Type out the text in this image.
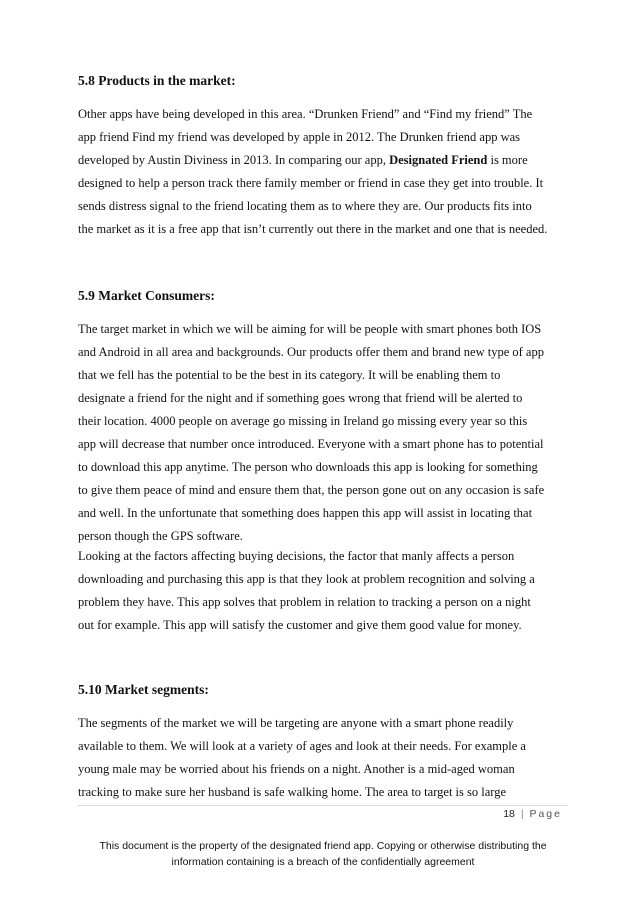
5.8 Products in the market:
Other apps have being developed in this area. “Drunken Friend” and “Find my friend” The
app friend Find my friend was developed by apple in 2012. The Drunken friend app was
developed by Austin Diviness in 2013. In comparing our app, Designated Friend is more
designed to help a person track there family member or friend in case they get into trouble. It
sends distress signal to the friend locating them as to where they are. Our products fits into
the market as it is a free app that isn’t currently out there in the market and one that is needed.
5.9 Market Consumers:
The target market in which we will be aiming for will be people with smart phones both IOS
and Android in all area and backgrounds. Our products offer them and brand new type of app
that we fell has the potential to be the best in its category. It will be enabling them to
designate a friend for the night and if something goes wrong that friend will be alerted to
their location. 4000 people on average go missing in Ireland go missing every year so this
app will decrease that number once introduced. Everyone with a smart phone has to potential
to download this app anytime. The person who downloads this app is looking for something
to give them peace of mind and ensure them that, the person gone out on any occasion is safe
and well. In the unfortunate that something does happen this app will assist in locating that
person though the GPS software.
Looking at the factors affecting buying decisions, the factor that manly affects a person
downloading and purchasing this app is that they look at problem recognition and solving a
problem they have. This app solves that problem in relation to tracking a person on a night
out for example. This app will satisfy the customer and give them good value for money.
5.10 Market segments:
The segments of the market we will be targeting are anyone with a smart phone readily
available to them. We will look at a variety of ages and look at their needs. For example a
young male may be worried about his friends on a night. Another is a mid-aged woman
tracking to make sure her husband is safe walking home. The area to target is so large
18 | Page
This document is the property of the designated friend app. Copying or otherwise distributing the
information containing is a breach of the confidentially agreement
